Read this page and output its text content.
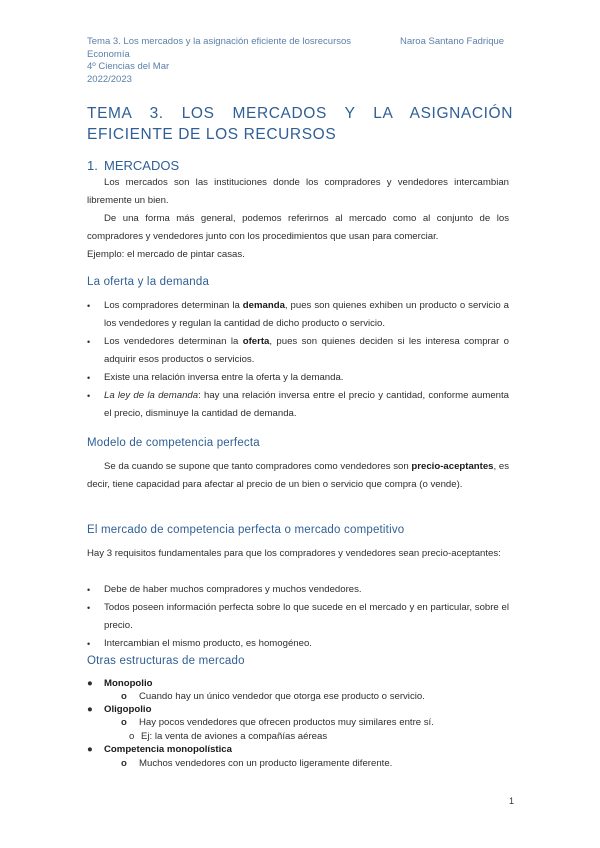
Tema 3. Los mercados y la asignación eficiente de losrecursos
Economía
4º Ciencias del Mar
2022/2023
Naroa Santano Fadrique
TEMA 3. LOS MERCADOS Y LA ASIGNACIÓN EFICIENTE DE LOS RECURSOS
1. MERCADOS
Los mercados son las instituciones donde los compradores y vendedores intercambian libremente un bien.
De una forma más general, podemos referirnos al mercado como al conjunto de los compradores y vendedores junto con los procedimientos que usan para comerciar.
Ejemplo: el mercado de pintar casas.
La oferta y la demanda
• Los compradores determinan la demanda, pues son quienes exhiben un producto o servicio a los vendedores y regulan la cantidad de dicho producto o servicio.
• Los vendedores determinan la oferta, pues son quienes deciden si les interesa comprar o adquirir esos productos o servicios.
• Existe una relación inversa entre la oferta y la demanda.
• La ley de la demanda: hay una relación inversa entre el precio y cantidad, conforme aumenta el precio, disminuye la cantidad de demanda.
Modelo de competencia perfecta
Se da cuando se supone que tanto compradores como vendedores son precio-aceptantes, es decir, tiene capacidad para afectar al precio de un bien o servicio que compra (o vende).
El mercado de competencia perfecta o mercado competitivo
Hay 3 requisitos fundamentales para que los compradores y vendedores sean precio-aceptantes:
• Debe de haber muchos compradores y muchos vendedores.
• Todos poseen información perfecta sobre lo que sucede en el mercado y en particular, sobre el precio.
• Intercambian el mismo producto, es homogéneo.
Otras estructuras de mercado
● Monopolio
o Cuando hay un único vendedor que otorga ese producto o servicio.
● Oligopolio
o Hay pocos vendedores que ofrecen productos muy similares entre sí.
o Ej: la venta de aviones a compañías aéreas
● Competencia monopolística
o Muchos vendedores con un producto ligeramente diferente.
1
